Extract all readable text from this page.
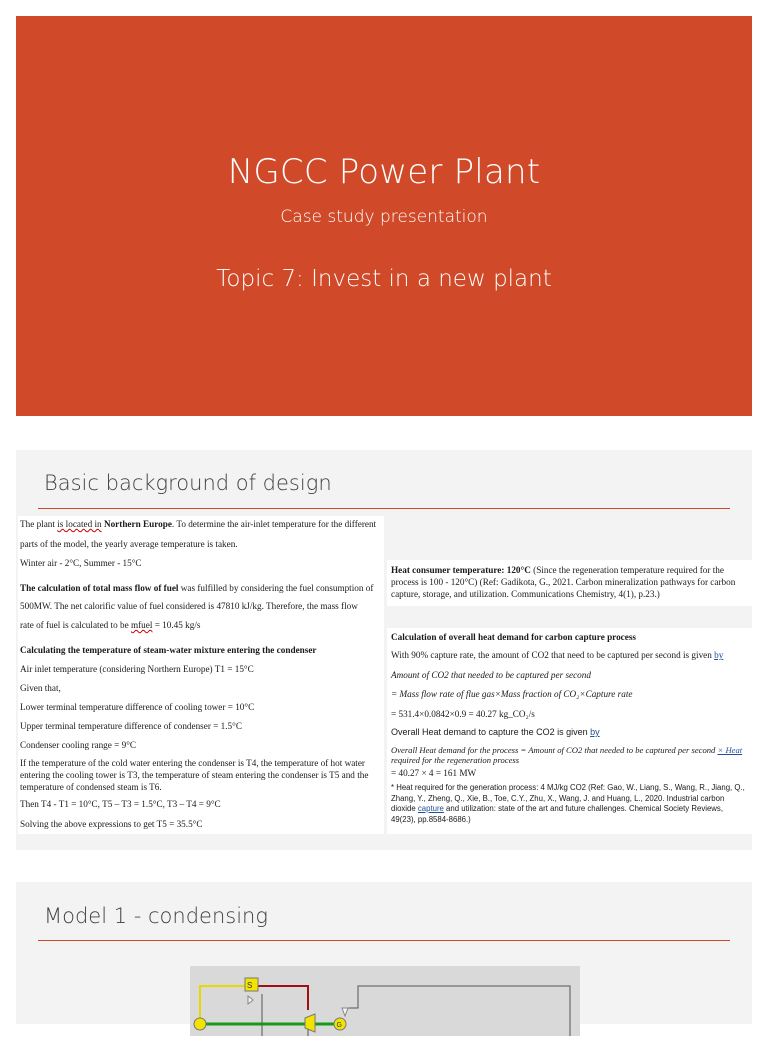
NGCC Power Plant
Case study presentation
Topic 7: Invest in a new plant
Basic background of design
The plant is located in Northern Europe. To determine the air-inlet temperature for the different
parts of the model, the yearly average temperature is taken.
Winter air - 2°C, Summer - 15°C
The calculation of total mass flow of fuel was fulfilled by considering the fuel consumption of
500MW. The net calorific value of fuel considered is 47810 kJ/kg. Therefore, the mass flow
rate of fuel is calculated to be mfuel = 10.45 kg/s
Calculating the temperature of steam-water mixture entering the condenser
Air inlet temperature (considering Northern Europe) T1 = 15°C
Given that,
Lower terminal temperature difference of cooling tower = 10°C
Upper terminal temperature difference of condenser = 1.5°C
Condenser cooling range = 9°C
If the temperature of the cold water entering the condenser is T4, the temperature of hot water entering the cooling tower is T3, the temperature of steam entering the condenser is T5 and the temperature of condensed steam is T6.
Then T4 - T1 = 10°C, T5 – T3 = 1.5°C, T3 – T4 = 9°C
Solving the above expressions to get T5 = 35.5°C
Heat consumer temperature: 120°C (Since the regeneration temperature required for the process is 100 - 120°C) (Ref: Gadikota, G., 2021. Carbon mineralization pathways for carbon capture, storage, and utilization. Communications Chemistry, 4(1), p.23.)
Calculation of overall heat demand for carbon capture process
With 90% capture rate, the amount of CO2 that need to be captured per second is given by
Amount of CO2 that needed to be captured per second
= Mass flow rate of flue gas×Mass fraction of CO₂×Capture rate
= 531.4×0.0842×0.9 = 40.27 kg_CO₂/s
Overall Heat demand to capture the CO2 is given by
Overall Heat demand for the process = Amount of CO2 that needed to be captured per second × Heat
required for the regeneration process
= 40.27 × 4 = 161 MW
* Heat required for the generation process: 4 MJ/kg CO2 (Ref: Gao, W., Liang, S., Wang, R., Jiang, Q., Zhang, Y., Zheng, Q., Xie, B., Toe, C.Y., Zhu, X., Wang, J. and Huang, L., 2020. Industrial carbon dioxide capture and utilization: state of the art and future challenges. Chemical Society Reviews, 49(23), pp.8584-8686.)
Model 1 - condensing
S
G
